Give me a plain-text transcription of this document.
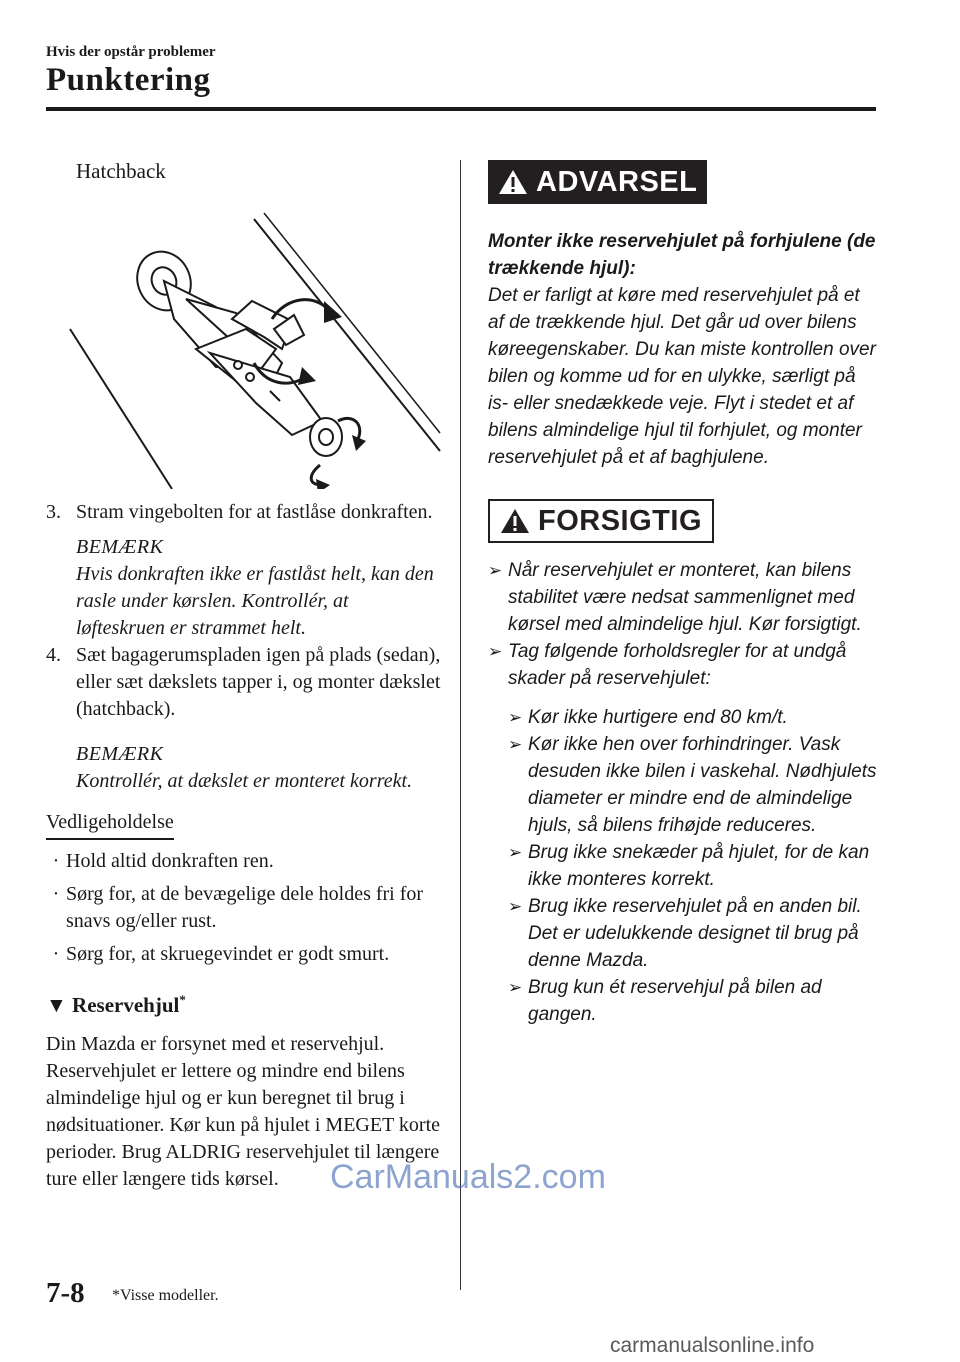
Hvis der opstår problemer
Punktering
Hatchback
3. Stram vingebolten for at fastlåse donkraften.
BEMÆRK
Hvis donkraften ikke er fastlåst helt, kan den rasle under kørslen. Kontrollér, at løfteskruen er strammet helt.
4. Sæt bagagerumspladen igen på plads (sedan), eller sæt dækslets tapper i, og monter dækslet (hatchback).
BEMÆRK
Kontrollér, at dækslet er monteret korrekt.
Vedligeholdelse
· Hold altid donkraften ren.
· Sørg for, at de bevægelige dele holdes fri for snavs og/eller rust.
· Sørg for, at skruegevindet er godt smurt.
▼ Reservehjul*

Din Mazda er forsynet med et reservehjul. Reservehjulet er lettere og mindre end bilens almindelige hjul og er kun beregnet til brug i nødsituationer. Kør kun på hjulet i MEGET korte perioder. Brug ALDRIG reservehjulet til længere ture eller længere tids kørsel.

ADVARSEL

Monter ikke reservehjulet på forhjulene (de trækkende hjul):

Det er farligt at køre med reservehjulet på et af de trækkende hjul. Det går ud over bilens køreegenskaber. Du kan miste kontrollen over bilen og komme ud for en ulykke, særligt på is- eller snedækkede veje. Flyt i stedet et af bilens almindelige hjul til forhjulet, og monter reservehjulet på et af baghjulene.

FORSIGTIG
➢ Når reservehjulet er monteret, kan bilens stabilitet være nedsat sammenlignet med kørsel med almindelige hjul. Kør forsigtigt.
➢ Tag følgende forholdsregler for at undgå skader på reservehjulet:
➢ Kør ikke hurtigere end 80 km/t.
➢ Kør ikke hen over forhindringer. Vask desuden ikke bilen i vaskehal. Nødhjulets diameter er mindre end de almindelige hjuls, så bilens frihøjde reduceres.
➢ Brug ikke snekæder på hjulet, for de kan ikke monteres korrekt.
➢ Brug ikke reservehjulet på en anden bil. Det er udelukkende designet til brug på denne Mazda.
➢ Brug kun ét reservehjul på bilen ad gangen.
CarManuals2.com
7-8 *Visse modeller.
carmanualsonline.info
